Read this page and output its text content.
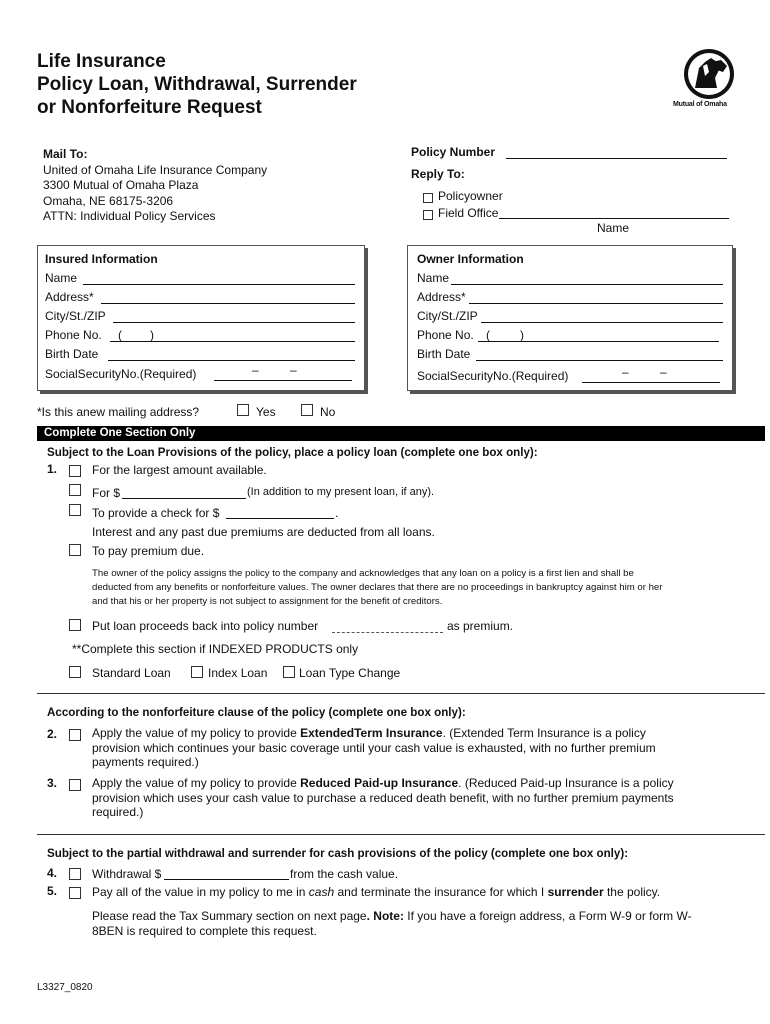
Life Insurance
Policy Loan, Withdrawal, Surrender
or Nonforfeiture Request	Mutual of Omaha
Mail To:
United of Omaha Life Insurance Company
3300 Mutual of Omaha Plaza
Omaha, NE 68175-3206
ATTN: Individual Policy Services
Policy Number
Reply To:
Policyowner
Field Office
Name
Insured Information
Name
Address*
City/St./ZIP
Phone No. ( )
Birth Date
SocialSecurityNo.(Required)	–	–
Owner Information
Name
Address*
City/St./ZIP
Phone No. (	)
Birth Date
SocialSecurityNo.(Required)	–	–
*Is this anew mailing address?	Yes	No
Complete One Section Only
Subject to the Loan Provisions of the policy, place a policy loan (complete one box only):
1.	For the largest amount available.
For $	(In addition to my present loan, if any).
To provide a check for $	.
Interest and any past due premiums are deducted from all loans.
To pay premium due.
The owner of the policy assigns the policy to the company and acknowledges that any loan on a policy is a first lien and shall be deducted from any benefits or nonforfeiture values. The owner declares that there are no proceedings in bankruptcy against him or her and that his or her property is not subject to assignment for the benefit of creditors.
Put loan proceeds back into policy number	as premium.
**Complete this section if INDEXED PRODUCTS only
Standard Loan	Index Loan	Loan Type Change
According to the nonforfeiture clause of the policy (complete one box only):
2.	Apply the value of my policy to provide ExtendedTerm Insurance. (Extended Term Insurance is a policy provision which continues your basic coverage until your cash value is exhausted, with no further premium payments required.)
3.	Apply the value of my policy to provide Reduced Paid-up Insurance. (Reduced Paid-up Insurance is a policy provision which uses your cash value to purchase a reduced death benefit, with no further premium payments required.)
Subject to the partial withdrawal and surrender for cash provisions of the policy (complete one box only):
4.	Withdrawal $	from the cash value.
5.	Pay all of the value in my policy to me in cash and terminate the insurance for which I surrender the policy.
Please read the Tax Summary section on next page. Note: If you have a foreign address, a Form W-9 or form W-8BEN is required to complete this request.
L3327_0820
